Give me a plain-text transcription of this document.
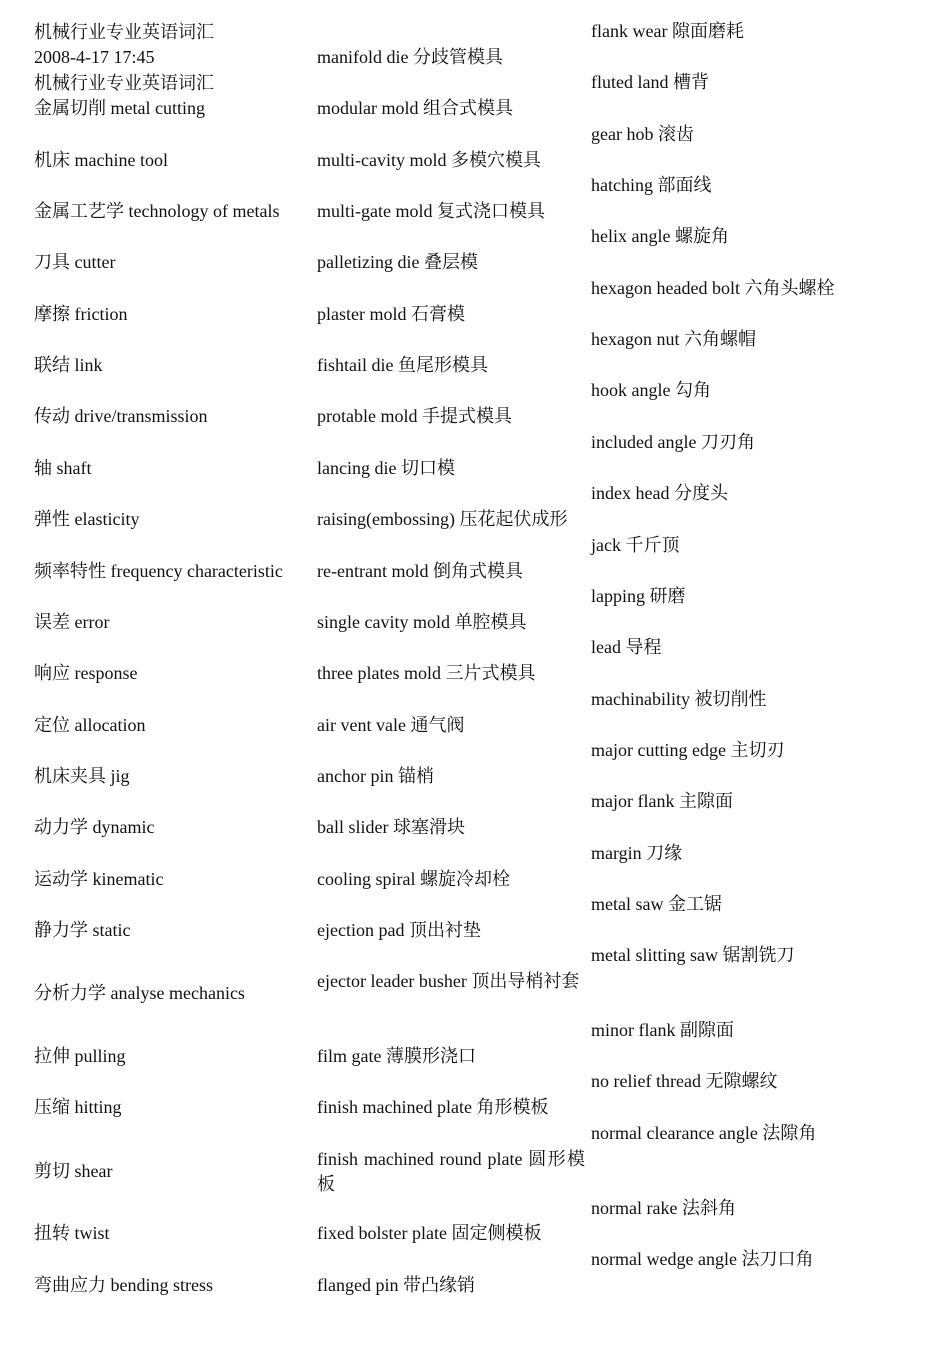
机械行业专业英语词汇
2008-4-17 17:45
机械行业专业英语词汇
金属切削 metal cutting
机床 machine tool
金属工艺学 technology of metals
刀具 cutter
摩擦 friction
联结 link
传动 drive/transmission
轴 shaft
弹性 elasticity
频率特性 frequency characteristic
误差 error
响应 response
定位 allocation
机床夹具 jig
动力学 dynamic
运动学 kinematic
静力学 static
分析力学 analyse mechanics
拉伸 pulling
压缩 hitting
剪切 shear
扭转 twist
弯曲应力 bending stress
manifold die 分歧管模具
modular mold 组合式模具
multi-cavity mold 多模穴模具
multi-gate mold 复式浇口模具
palletizing die 叠层模
plaster mold 石膏模
fishtail die 鱼尾形模具
protable mold 手提式模具
lancing die 切口模
raising(embossing) 压花起伏成形
re-entrant mold 倒角式模具
single cavity mold 单腔模具
three plates mold 三片式模具
air vent vale 通气阀
anchor pin 锚梢
ball slider 球塞滑块
cooling spiral 螺旋冷却栓
ejection pad 顶出衬垫
ejector leader busher 顶出导梢衬套
film gate 薄膜形浇口
finish machined plate 角形模板
finish machined round plate 圆形模板
fixed bolster plate 固定侧模板
flanged pin 带凸缘销
flank wear 隙面磨耗
fluted land 槽背
gear hob 滚齿
hatching 部面线
helix angle 螺旋角
hexagon headed bolt 六角头螺栓
hexagon nut 六角螺帽
hook angle 勾角
included angle 刀刃角
index head 分度头
jack 千斤顶
lapping 研磨
lead 导程
machinability 被切削性
major cutting edge 主切刃
major flank 主隙面
margin 刀缘
metal saw 金工锯
metal slitting saw 锯割铣刀
minor flank 副隙面
no relief thread 无隙螺纹
normal clearance angle 法隙角
normal rake 法斜角
normal wedge angle 法刀口角
